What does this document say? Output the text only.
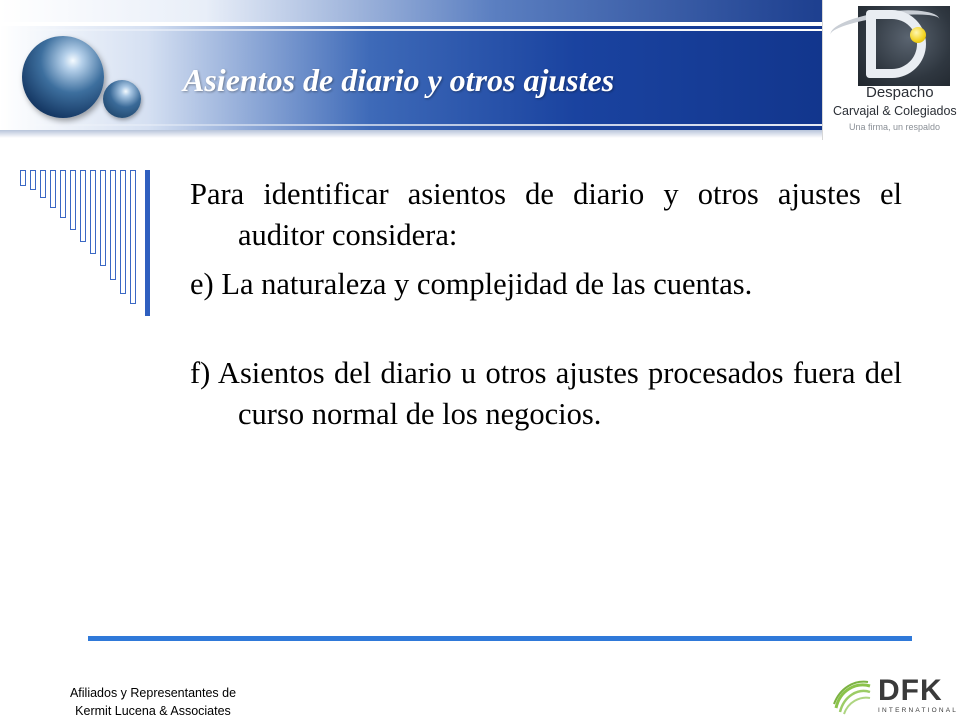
Asientos de diario y otros ajustes	Despacho
Carvajal & Colegiados
Una firma, un respaldo

Para identificar asientos de diario y otros ajustes el auditor considera:

e) La naturaleza y complejidad de las cuentas.

f) Asientos del diario u otros ajustes procesados fuera del curso normal de los negocios.

Afiliados y Representantes de
Kermit Lucena & Associates
DFK
INTERNATIONAL
